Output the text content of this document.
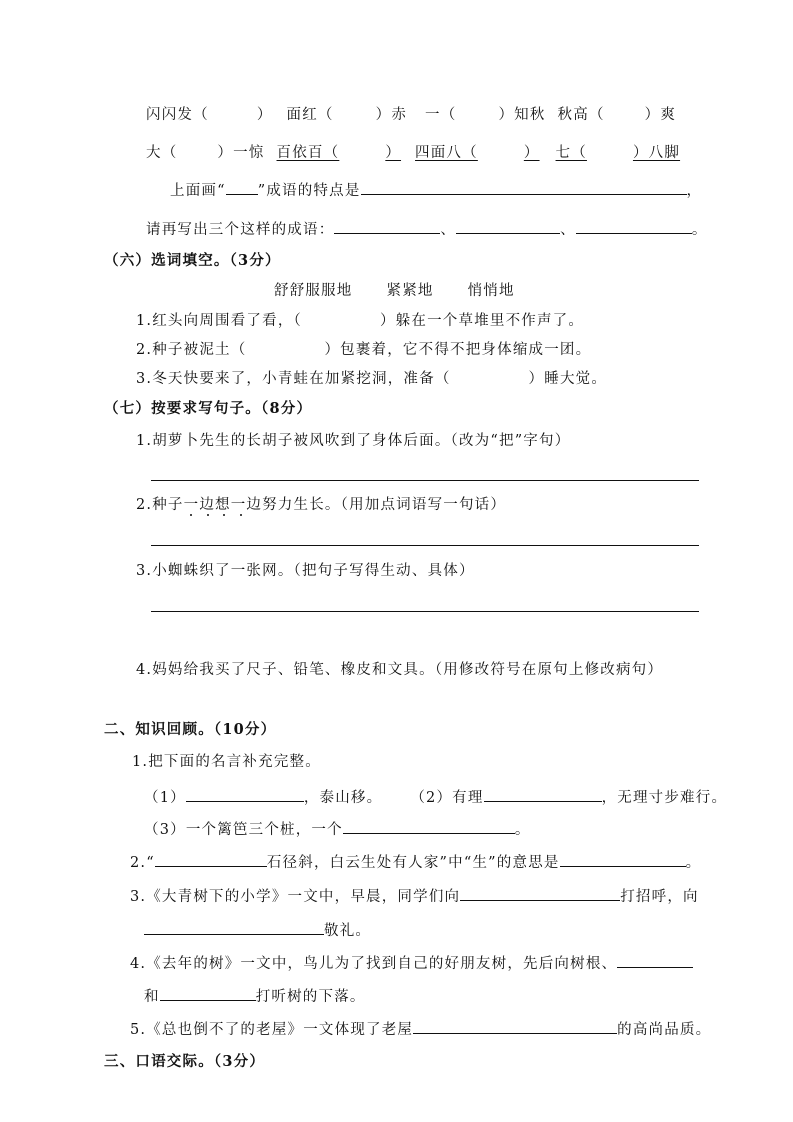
闪闪发（	） 面红（	）赤 一（	）知秋 秋高（	）爽
大（	）一惊 百依百（	） 四面八（	） 七（	）八脚
上面画“ ”成语的特点是	，
请再写出三个这样的成语：	、	、	。
（六）选词填空。（3分）
舒舒服服地 紧紧地 悄悄地
1.红头向周围看了看，（	）躲在一个草堆里不作声了。
2.种子被泥土（	）包裹着，它不得不把身体缩成一团。
3.冬天快要来了，小青蛙在加紧挖洞，准备（	）睡大觉。
（七）按要求写句子。（8分）
1.胡萝卜先生的长胡子被风吹到了身体后面。（改为“把”字句）
2.种子一边想一边努力生长。（用加点词语写一句话）
3.小蜘蛛织了一张网。（把句子写得生动、具体）
4.妈妈给我买了尺子、铅笔、橡皮和文具。（用修改符号在原句上修改病句）
二、知识回顾。（10分）
1.把下面的名言补充完整。
（1）	，泰山移。 （2）有理	，无理寸步难行。
（3）一个篱笆三个桩，一个	。
2.“	石径斜，白云生处有人家”中“生”的意思是	。
3.《大青树下的小学》一文中，早晨，同学们向	打招呼，向
敬礼。
4.《去年的树》一文中，鸟儿为了找到自己的好朋友树，先后向树根、
和	打听树的下落。
5.《总也倒不了的老屋》一文体现了老屋	的高尚品质。
三、口语交际。（3分）
